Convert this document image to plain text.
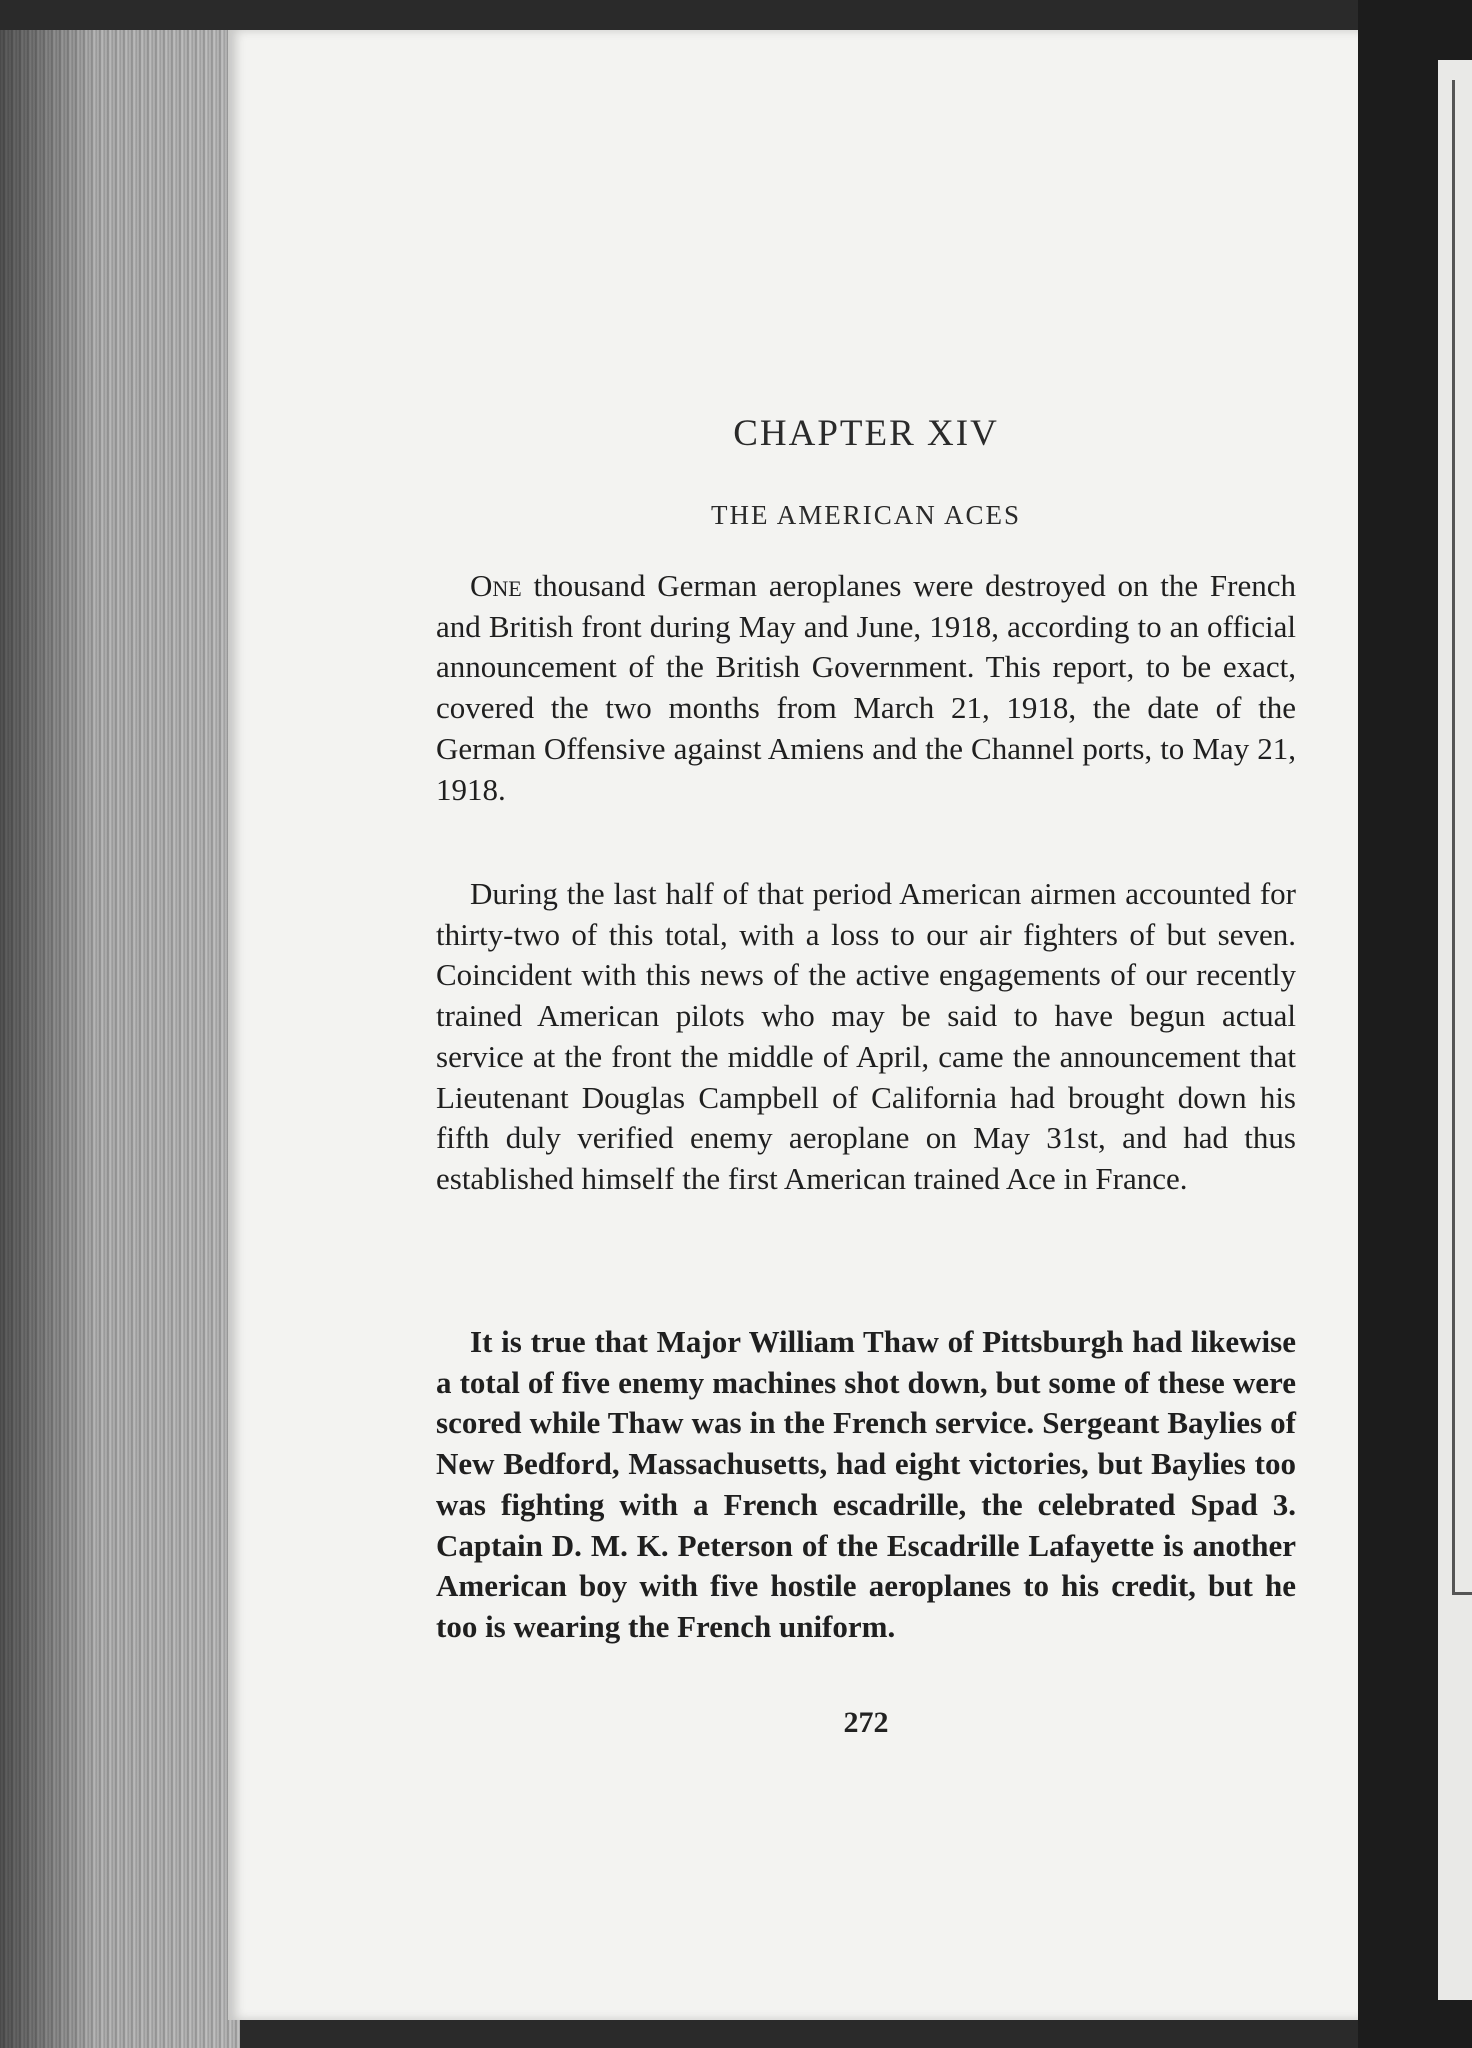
CHAPTER XIV
THE AMERICAN ACES

One thousand German aeroplanes were destroyed on the French and British front during May and June, 1918, according to an official announcement of the British Government. This report, to be exact, covered the two months from March 21, 1918, the date of the German Offensive against Amiens and the Channel ports, to May 21, 1918.

During the last half of that period American airmen accounted for thirty-two of this total, with a loss to our air fighters of but seven. Coincident with this news of the active engagements of our recently trained American pilots who may be said to have begun actual service at the front the middle of April, came the announcement that Lieutenant Douglas Campbell of California had brought down his fifth duly verified enemy aeroplane on May 31st, and had thus established himself the first American trained Ace in France.

It is true that Major William Thaw of Pittsburgh had likewise a total of five enemy machines shot down, but some of these were scored while Thaw was in the French service. Sergeant Baylies of New Bedford, Massachusetts, had eight victories, but Baylies too was fighting with a French escadrille, the celebrated Spad 3. Captain D. M. K. Peterson of the Escadrille Lafayette is another American boy with five hostile aeroplanes to his credit, but he too is wearing the French uniform.

272
